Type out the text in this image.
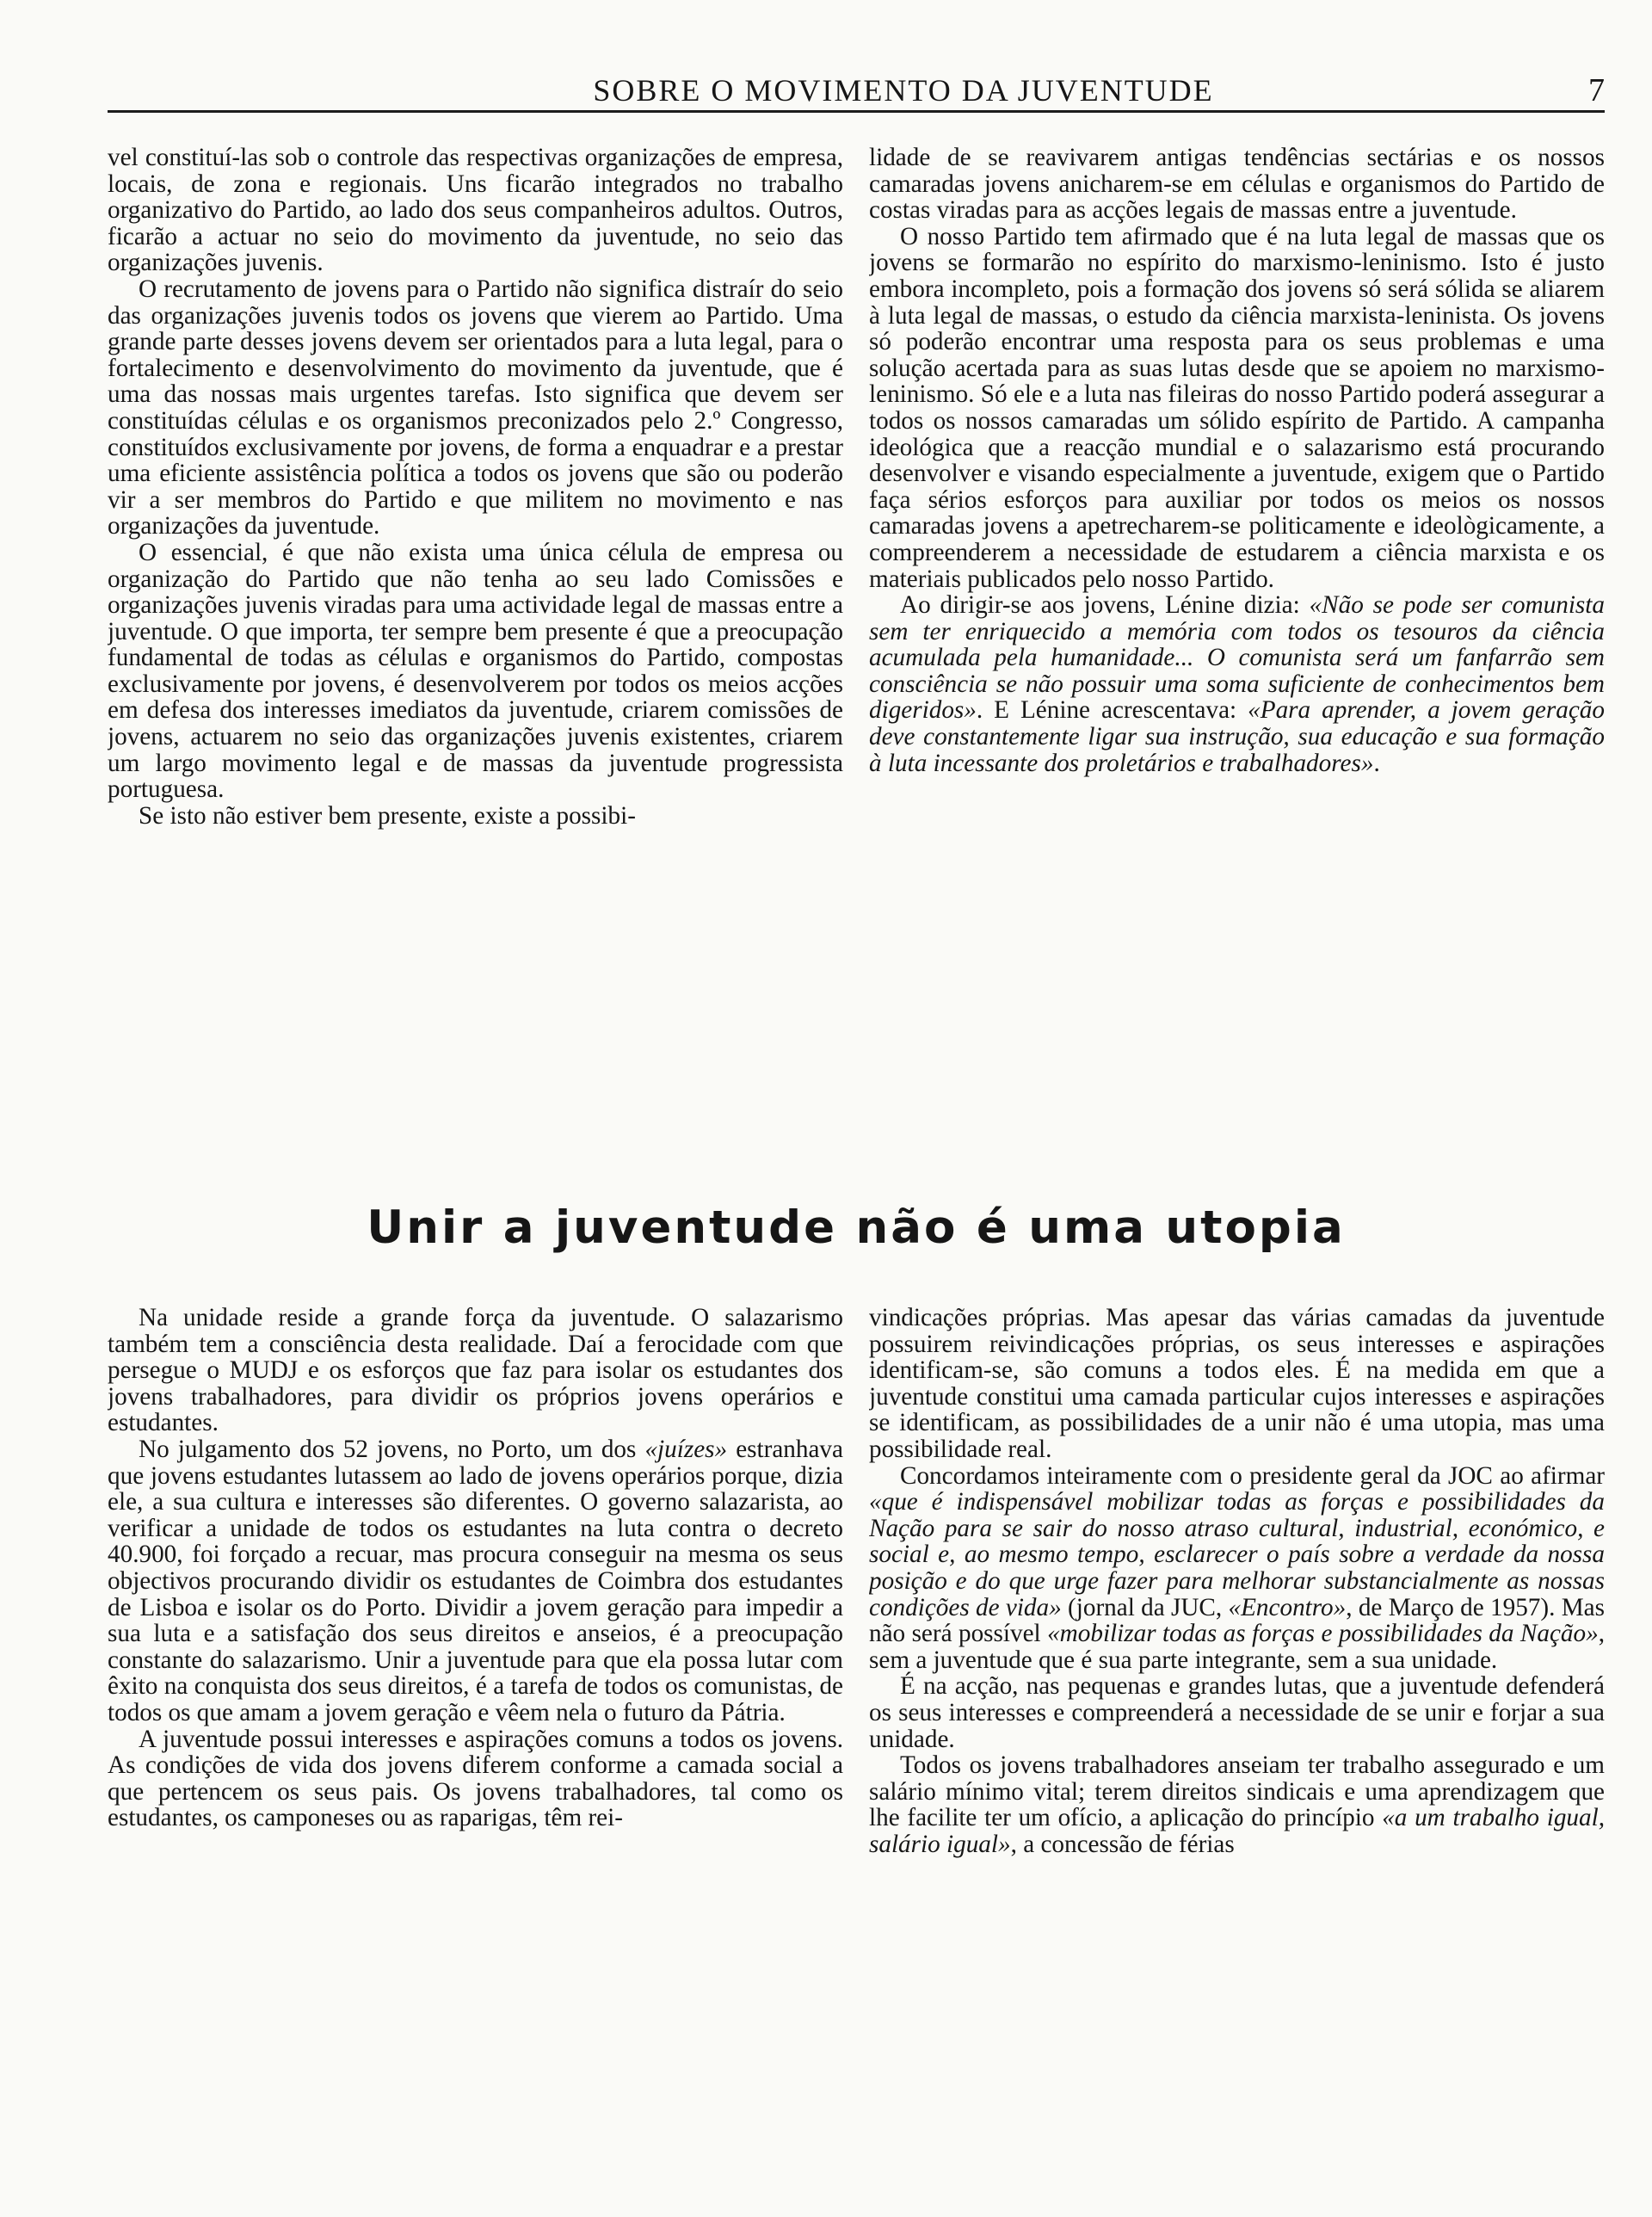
SOBRE O MOVIMENTO DA JUVENTUDE	7

vel constituí-las sob o controle das respectivas organizações de empresa, locais, de zona e regionais. Uns ficarão integrados no trabalho organizativo do Partido, ao lado dos seus companheiros adultos. Outros, ficarão a actuar no seio do movimento da juventude, no seio das organizações juvenis.

O recrutamento de jovens para o Partido não significa distraír do seio das organizações juvenis todos os jovens que vierem ao Partido. Uma grande parte desses jovens devem ser orientados para a luta legal, para o fortalecimento e desenvolvimento do movimento da juventude, que é uma das nossas mais urgentes tarefas. Isto significa que devem ser constituídas células e os organismos preconizados pelo 2.º Congresso, constituídos exclusivamente por jovens, de forma a enquadrar e a prestar uma eficiente assistência política a todos os jovens que são ou poderão vir a ser membros do Partido e que militem no movimento e nas organizações da juventude.

O essencial, é que não exista uma única célula de empresa ou organização do Partido que não tenha ao seu lado Comissões e organizações juvenis viradas para uma actividade legal de massas entre a juventude. O que importa, ter sempre bem presente é que a preocupação fundamental de todas as células e organismos do Partido, compostas exclusivamente por jovens, é desenvolverem por todos os meios acções em defesa dos interesses imediatos da juventude, criarem comissões de jovens, actuarem no seio das organizações juvenis existentes, criarem um largo movimento legal e de massas da juventude progressista portuguesa.

Se isto não estiver bem presente, existe a possibi-

lidade de se reavivarem antigas tendências sectárias e os nossos camaradas jovens anicharem-se em células e organismos do Partido de costas viradas para as acções legais de massas entre a juventude.

O nosso Partido tem afirmado que é na luta legal de massas que os jovens se formarão no espírito do marxismo-leninismo. Isto é justo embora incompleto, pois a formação dos jovens só será sólida se aliarem à luta legal de massas, o estudo da ciência marxista-leninista. Os jovens só poderão encontrar uma resposta para os seus problemas e uma solução acertada para as suas lutas desde que se apoiem no marxismo-leninismo. Só ele e a luta nas fileiras do nosso Partido poderá assegurar a todos os nossos camaradas um sólido espírito de Partido. A campanha ideológica que a reacção mundial e o salazarismo está procurando desenvolver e visando especialmente a juventude, exigem que o Partido faça sérios esforços para auxiliar por todos os meios os nossos camaradas jovens a apetrecharem-se politicamente e ideològicamente, a compreenderem a necessidade de estudarem a ciência marxista e os materiais publicados pelo nosso Partido.

Ao dirigir-se aos jovens, Lénine dizia: «Não se pode ser comunista sem ter enriquecido a memória com todos os tesouros da ciência acumulada pela humanidade... O comunista será um fanfarrão sem consciência se não possuir uma soma suficiente de conhecimentos bem digeridos». E Lénine acrescentava: «Para aprender, a jovem geração deve constantemente ligar sua instrução, sua educação e sua formação à luta incessante dos proletários e trabalhadores».

Unir a juventude não é uma utopia

Na unidade reside a grande força da juventude. O salazarismo também tem a consciência desta realidade. Daí a ferocidade com que persegue o MUDJ e os esforços que faz para isolar os estudantes dos jovens trabalhadores, para dividir os próprios jovens operários e estudantes.

No julgamento dos 52 jovens, no Porto, um dos «juízes» estranhava que jovens estudantes lutassem ao lado de jovens operários porque, dizia ele, a sua cultura e interesses são diferentes. O governo salazarista, ao verificar a unidade de todos os estudantes na luta contra o decreto 40.900, foi forçado a recuar, mas procura conseguir na mesma os seus objectivos procurando dividir os estudantes de Coimbra dos estudantes de Lisboa e isolar os do Porto. Dividir a jovem geração para impedir a sua luta e a satisfação dos seus direitos e anseios, é a preocupação constante do salazarismo. Unir a juventude para que ela possa lutar com êxito na conquista dos seus direitos, é a tarefa de todos os comunistas, de todos os que amam a jovem geração e vêem nela o futuro da Pátria.

A juventude possui interesses e aspirações comuns a todos os jovens. As condições de vida dos jovens diferem conforme a camada social a que pertencem os seus pais. Os jovens trabalhadores, tal como os estudantes, os camponeses ou as raparigas, têm rei-

vindicações próprias. Mas apesar das várias camadas da juventude possuirem reivindicações próprias, os seus interesses e aspirações identificam-se, são comuns a todos eles. É na medida em que a juventude constitui uma camada particular cujos interesses e aspirações se identificam, as possibilidades de a unir não é uma utopia, mas uma possibilidade real.

Concordamos inteiramente com o presidente geral da JOC ao afirmar «que é indispensável mobilizar todas as forças e possibilidades da Nação para se sair do nosso atraso cultural, industrial, económico, e social e, ao mesmo tempo, esclarecer o país sobre a verdade da nossa posição e do que urge fazer para melhorar substancialmente as nossas condições de vida» (jornal da JUC, «Encontro», de Março de 1957). Mas não será possível «mobilizar todas as forças e possibilidades da Nação», sem a juventude que é sua parte integrante, sem a sua unidade.

É na acção, nas pequenas e grandes lutas, que a juventude defenderá os seus interesses e compreenderá a necessidade de se unir e forjar a sua unidade.

Todos os jovens trabalhadores anseiam ter trabalho assegurado e um salário mínimo vital; terem direitos sindicais e uma aprendizagem que lhe facilite ter um ofício, a aplicação do princípio «a um trabalho igual, salário igual», a concessão de férias
